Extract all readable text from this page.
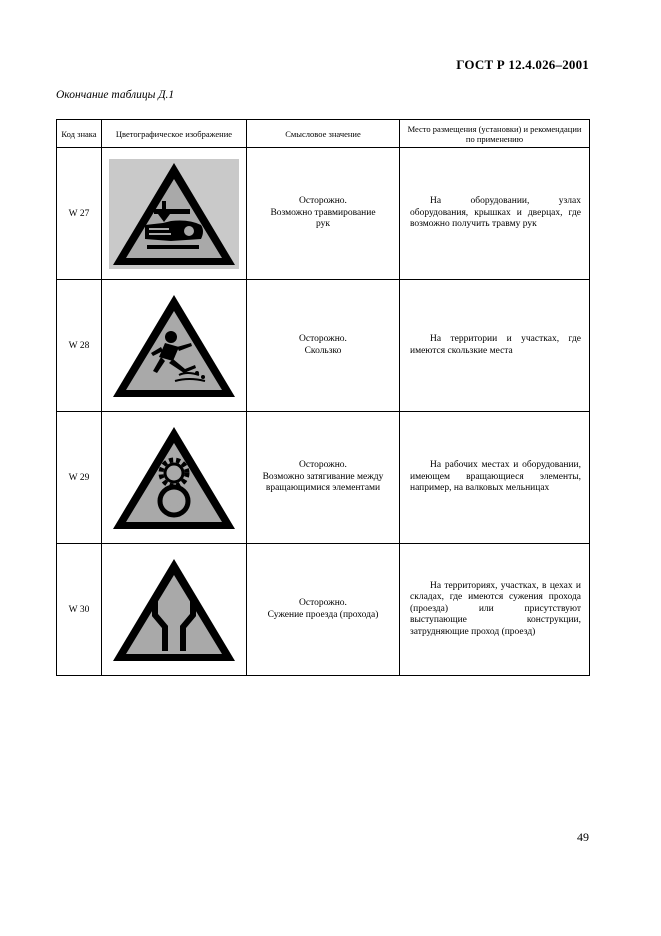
ГОСТ Р 12.4.026–2001
Окончание таблицы Д.1
Код знака	Цветографическое изображение	Смысловое значение	Место размещения (установки) и рекомендации по применению
W 27		Осторожно.
Возможно травмирование
рук	На оборудовании, узлах оборудования, крышках и дверцах, где возможно получить травму рук

W 28		Осторожно.
Скользко	На территории и участках, где имеются скользкие места

W 29		Осторожно.
Возможно затягивание между
вращающимися элементами	На рабочих местах и оборудовании, имеющем вращающиеся элементы, например, на валковых мельницах

W 30		Осторожно.
Сужение проезда (прохода)	На территориях, участках, в цехах и складах, где имеются сужения прохода (проезда) или присутствуют выступающие конструкции, затрудняющие проход (проезд)
49
